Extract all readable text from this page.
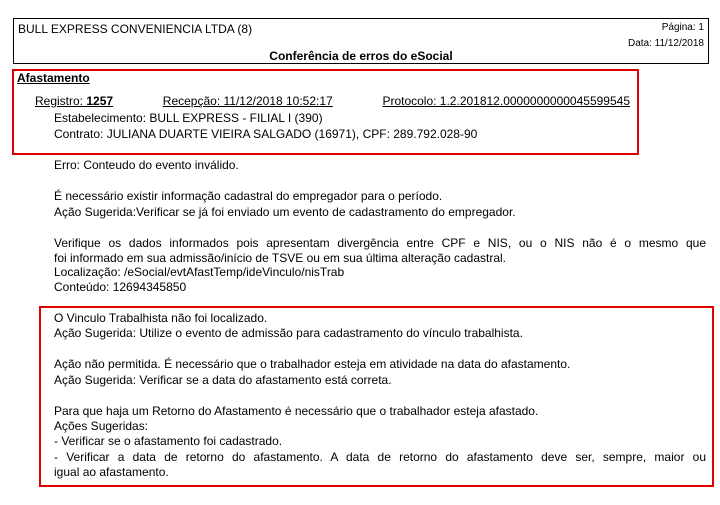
BULL EXPRESS CONVENIENCIA LTDA (8)	Página: 1
Data: 11/12/2018
Conferência de erros do eSocial
Afastamento
Registro: 1257	Recepção: 11/12/2018 10:52:17	Protocolo: 1.2.201812.0000000000045599545
Estabelecimento: BULL EXPRESS - FILIAL I (390)
Contrato: JULIANA DUARTE VIEIRA SALGADO (16971), CPF: 289.792.028-90
Erro: Conteudo do evento inválido.
É necessário existir informação cadastral do empregador para o período.
Ação Sugerida:Verificar se já foi enviado um evento de cadastramento do empregador.
Verifique os dados informados pois apresentam divergência entre CPF e NIS, ou o NIS não é o mesmo que
foi informado em sua admissão/início de TSVE ou em sua última alteração cadastral.
Localização: /eSocial/evtAfastTemp/ideVinculo/nisTrab
Conteúdo: 12694345850
O Vinculo Trabalhista não foi localizado.
Ação Sugerida: Utilize o evento de admissão para cadastramento do vínculo trabalhista.
Ação não permitida. É necessário que o trabalhador esteja em atividade na data do afastamento.
Ação Sugerida: Verificar se a data do afastamento está correta.
Para que haja um Retorno do Afastamento é necessário que o trabalhador esteja afastado.
Ações Sugeridas:
- Verificar se o afastamento foi cadastrado.
- Verificar a data de retorno do afastamento. A data de retorno do afastamento deve ser, sempre, maior ou
igual ao afastamento.
